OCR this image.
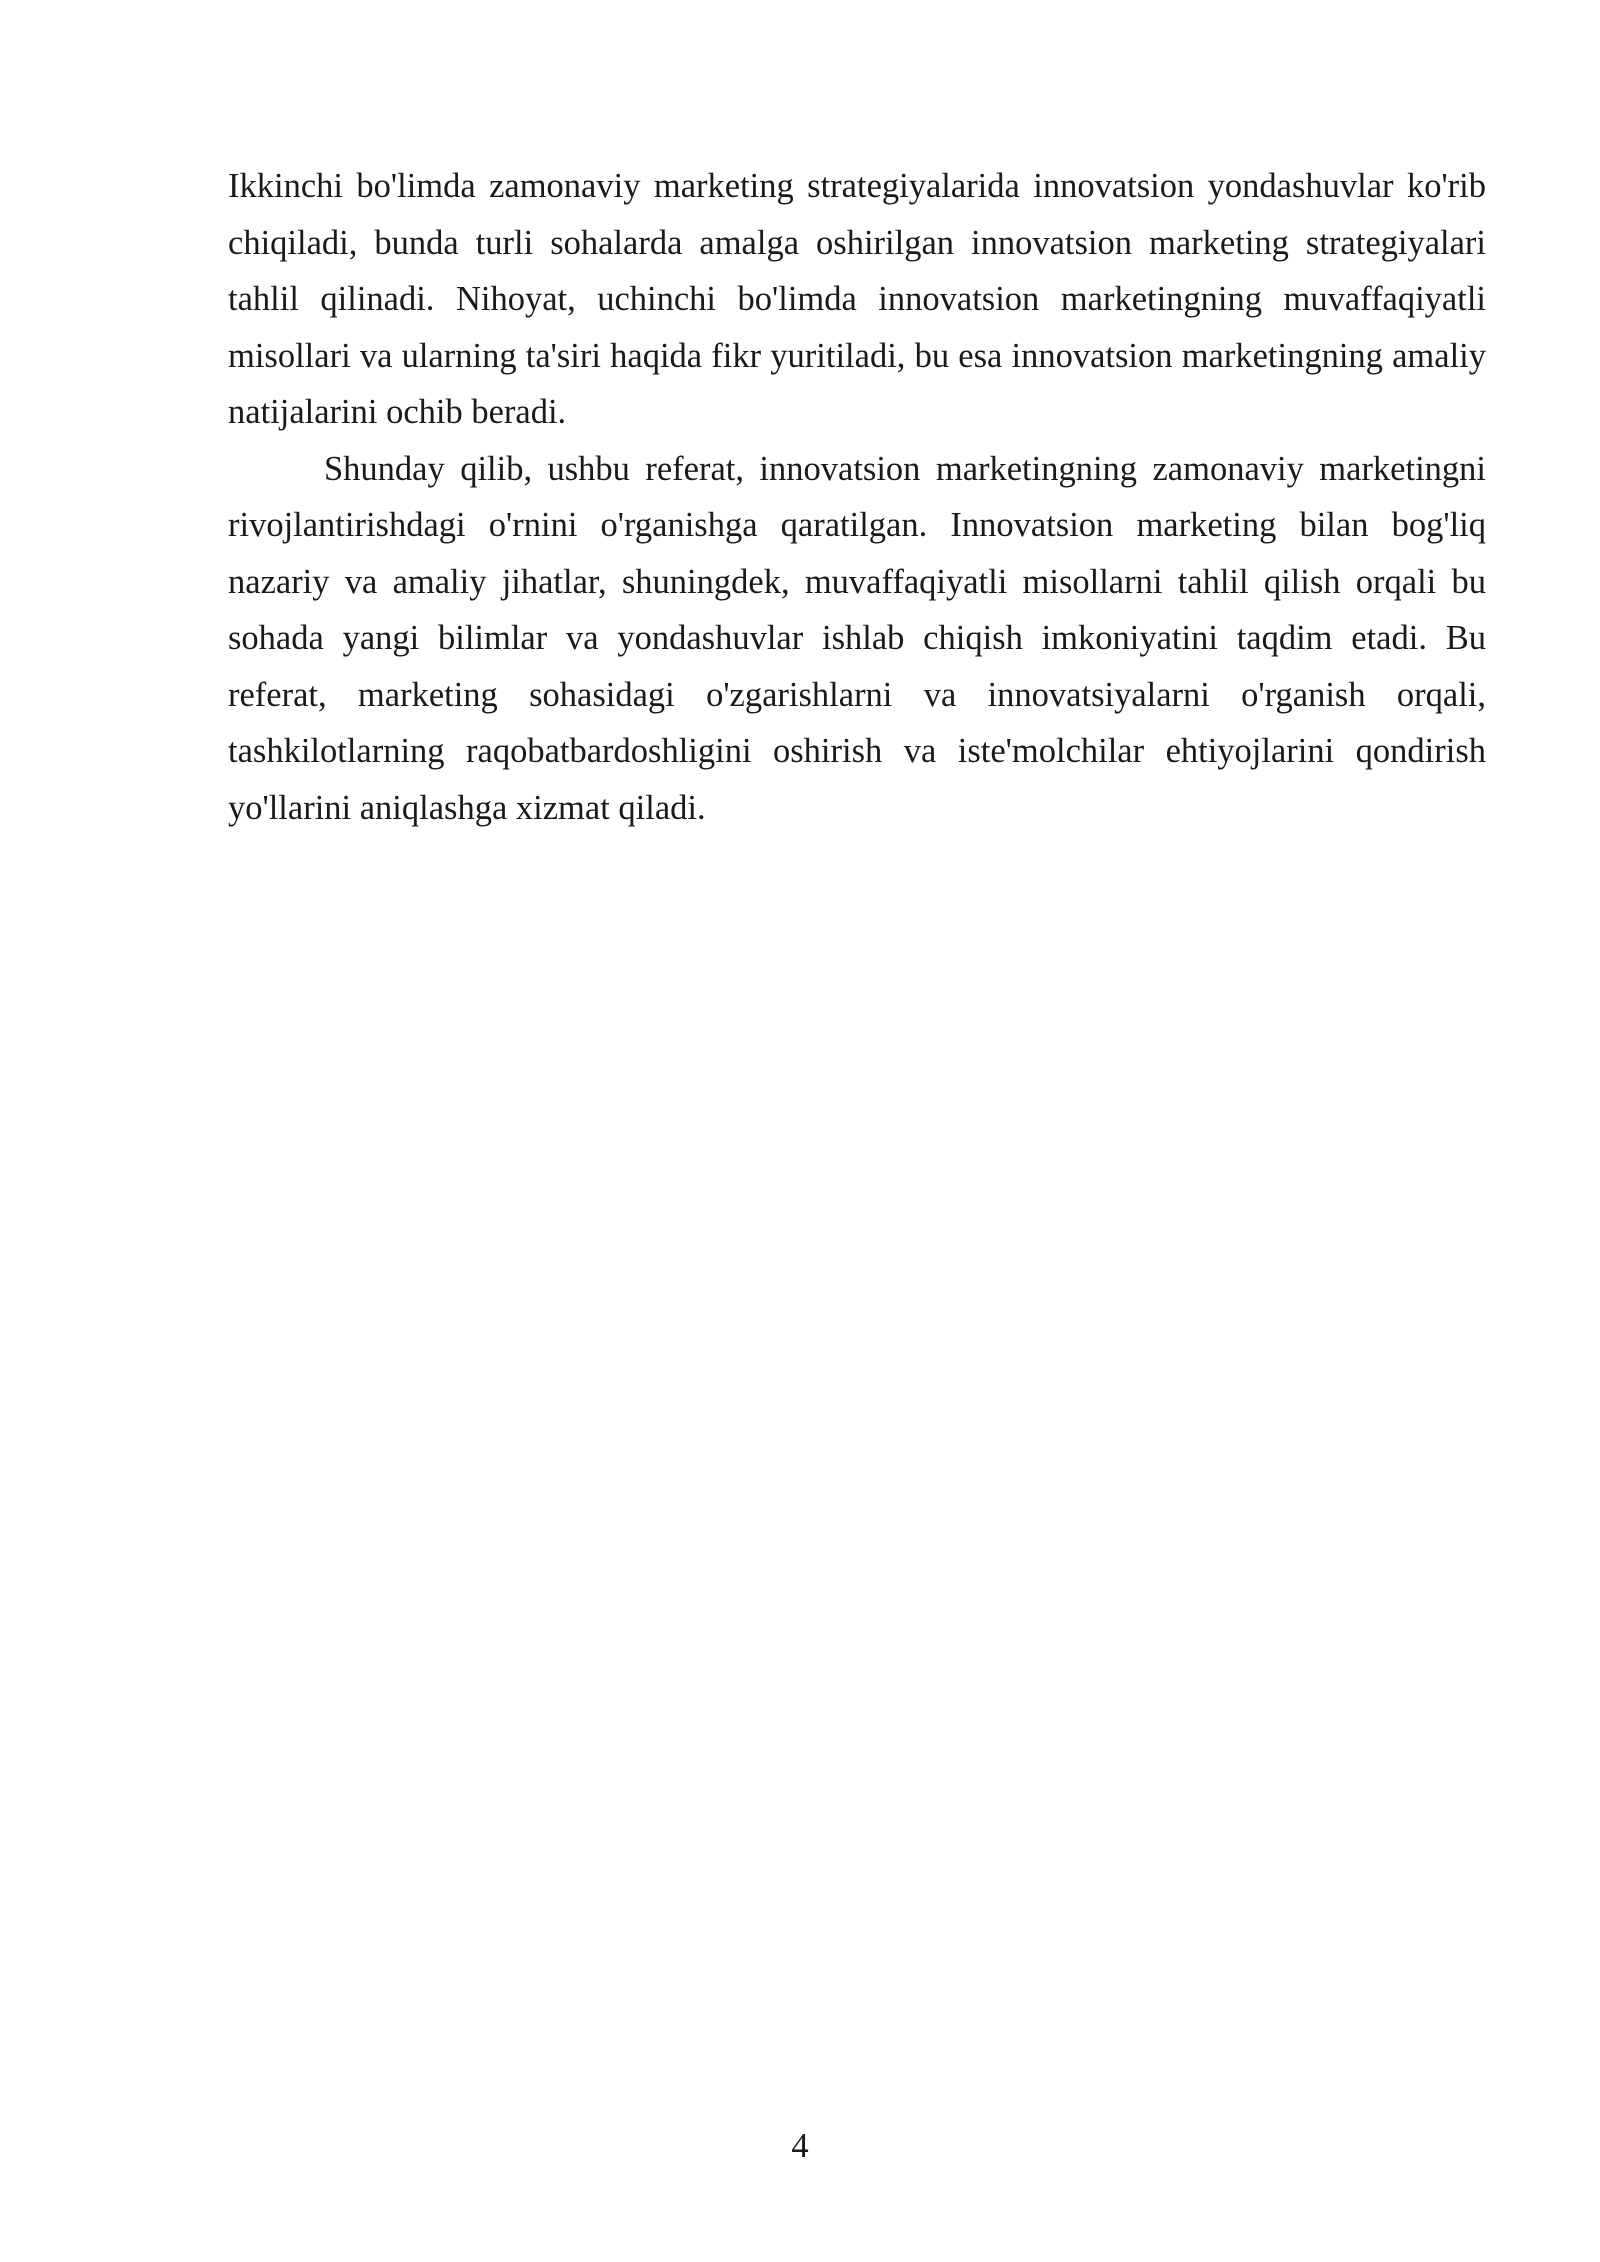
Ikkinchi bo'limda zamonaviy marketing strategiyalarida innovatsion yondashuvlar ko'rib chiqiladi, bunda turli sohalarda amalga oshirilgan innovatsion marketing strategiyalari tahlil qilinadi. Nihoyat, uchinchi bo'limda innovatsion marketingning muvaffaqiyatli misollari va ularning ta'siri haqida fikr yuritiladi, bu esa innovatsion marketingning amaliy natijalarini ochib beradi.

Shunday qilib, ushbu referat, innovatsion marketingning zamonaviy marketingni rivojlantirishdagi o'rnini o'rganishga qaratilgan. Innovatsion marketing bilan bog'liq nazariy va amaliy jihatlar, shuningdek, muvaffaqiyatli misollarni tahlil qilish orqali bu sohada yangi bilimlar va yondashuvlar ishlab chiqish imkoniyatini taqdim etadi. Bu referat, marketing sohasidagi o'zgarishlarni va innovatsiyalarni o'rganish orqali, tashkilotlarning raqobatbardoshligini oshirish va iste'molchilar ehtiyojlarini qondirish yo'llarini aniqlashga xizmat qiladi.

4
